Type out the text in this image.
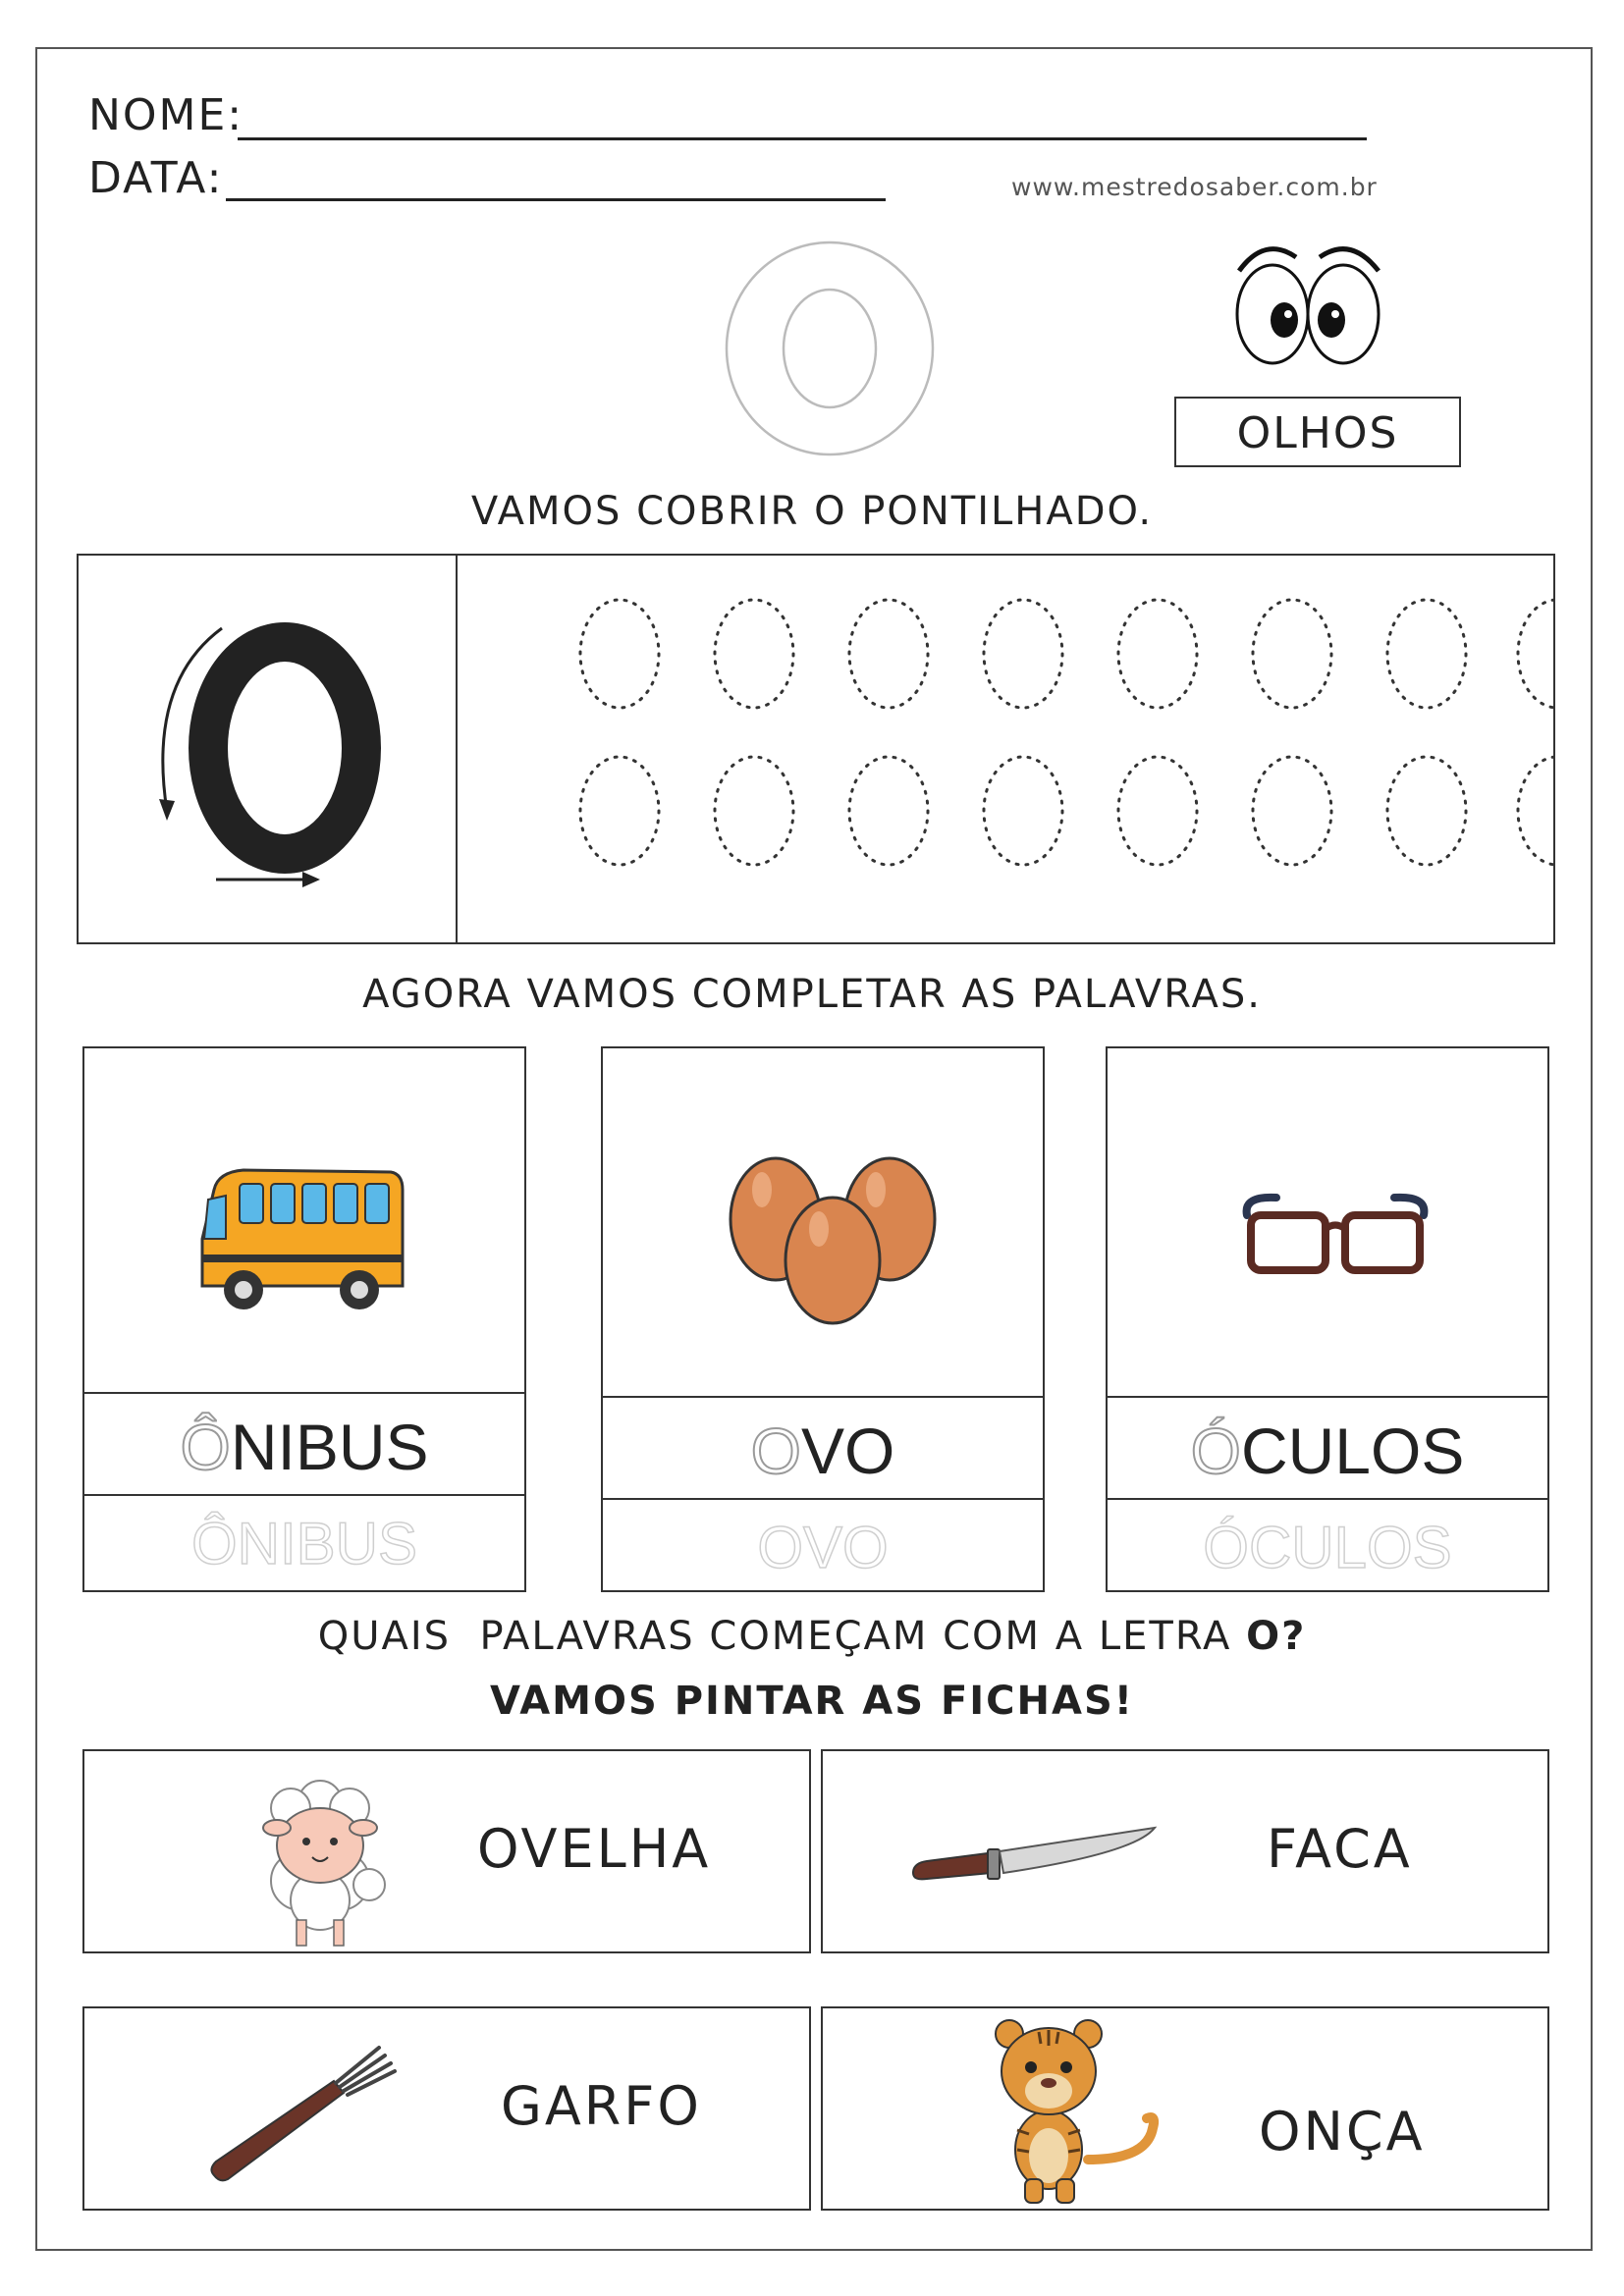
NOME:
DATA:	www.mestredosaber.com.br
OLHOS
VAMOS COBRIR O PONTILHADO.
AGORA VAMOS COMPLETAR AS PALAVRAS.
ÔNIBUS
ÔNIBUS
OVO
OVO
ÓCULOS
ÓCULOS
QUAIS  PALAVRAS COMEÇAM COM A LETRA O?
VAMOS PINTAR AS FICHAS!
OVELHA	FACA
GARFO	ONÇA
